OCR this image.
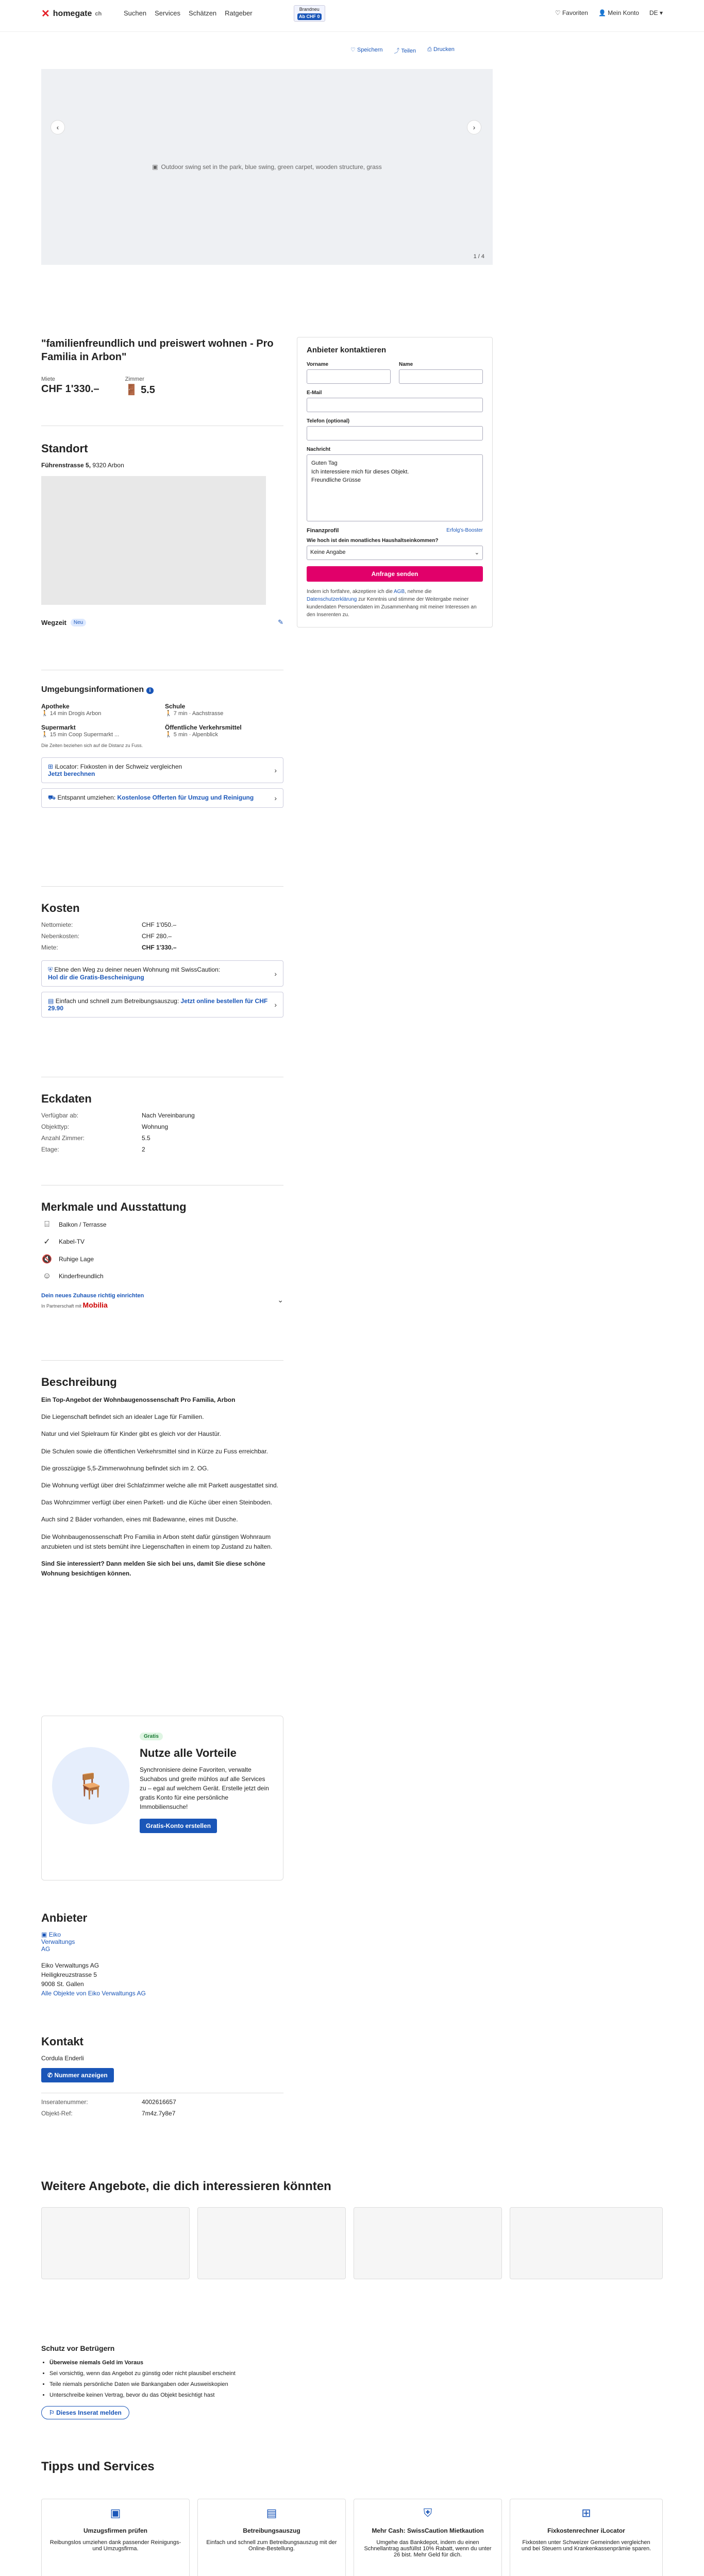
✕ homegate ch	Suchen Services Schätzen Ratgeber	Brandneu
Ab CHF 0	♡ Favoriten 👤 Mein Konto DE ▾
♡ Speichern ⤴ Teilen ⎙ Drucken
▣ Outdoor swing set in the park, blue swing, green carpet, wooden structure, grass
1 / 4
‹	›
"familienfreundlich und preiswert wohnen - Pro Familia in Arbon"
Miete
CHF 1'330.–
Zimmer
🚪 5.5
Standort
Führenstrasse 5, 9320 Arbon
Wegzeit	Neu	✎
Umgebungsinformationen i
Apotheke
🚶 14 min Drogis Arbon
Schule
🚶 7 min · Aachstrasse
Supermarkt
🚶 15 min Coop Supermarkt ...
Öffentliche Verkehrsmittel
🚶 5 min · Alpenblick
Die Zeiten beziehen sich auf die Distanz zu Fuss.
⊞ iLocator: Fixkosten in der Schweiz vergleichen
Jetzt berechnen	›
⛟ Entspannt umziehen: Kostenlose Offerten für Umzug und Reinigung	›
Kosten
Nettomiete:	CHF 1'050.–
Nebenkosten:	CHF 280.–
Miete:	CHF 1'330.–
⛨ Ebne den Weg zu deiner neuen Wohnung mit SwissCaution:
Hol dir die Gratis-Bescheinigung	›
▤ Einfach und schnell zum Betreibungsauszug: Jetzt online bestellen für CHF 29.90	›
Eckdaten
Verfügbar ab:	Nach Vereinbarung
Objekttyp:	Wohnung
Anzahl Zimmer:	5.5
Etage:	2
Merkmale und Ausstattung
⌸	Balkon / Terrasse
✓	Kabel-TV
🔇 Ruhige Lage
☺ Kinderfreundlich
Dein neues Zuhause richtig einrichten
In Partnerschaft mit Mobilia
⌄
Beschreibung

Ein Top-Angebot der Wohnbaugenossenschaft Pro Familia, Arbon

Die Liegenschaft befindet sich an idealer Lage für Familien.

Natur und viel Spielraum für Kinder gibt es gleich vor der Haustür.

Die Schulen sowie die öffentlichen Verkehrsmittel sind in Kürze zu Fuss erreichbar.

Die grosszügige 5,5-Zimmerwohnung befindet sich im 2. OG.

Die Wohnung verfügt über drei Schlafzimmer welche alle mit Parkett ausgestattet sind.

Das Wohnzimmer verfügt über einen Parkett- und die Küche über einen Steinboden.

Auch sind 2 Bäder vorhanden, eines mit Badewanne, eines mit Dusche.

Die Wohnbaugenossenschaft Pro Familia in Arbon steht dafür günstigen Wohnraum anzubieten und ist stets bemüht ihre Liegenschaften in einem top Zustand zu halten.

Sind Sie interessiert? Dann melden Sie sich bei uns, damit Sie diese schöne Wohnung besichtigen können.

🪑
Gratis
Nutze alle Vorteile

Synchronisiere deine Favoriten, verwalte Suchabos und greife mühlos auf alle Services zu – egal auf welchem Gerät. Erstelle jetzt dein gratis Konto für eine persönliche Immobiliensuche!

Gratis-Konto erstellen
Anbieter
▣ Eiko Verwaltungs AG
Eiko Verwaltungs AG
Heiligkreuzstrasse 5
9008 St. Gallen
Alle Objekte von Eiko Verwaltungs AG
Kontakt
Cordula Enderli
✆ Nummer anzeigen
Inseratenummer:	4002616657
Objekt-Ref:	7m4z.7y8e7
Anbieter kontaktieren
Vorname	Name
E-Mail
Telefon (optional)
Nachricht
Guten Tag
Ich interessiere mich für dieses Objekt.
Freundliche Grüsse
Finanzprofil	Erfolg's-Booster
Wie hoch ist dein monatliches Haushaltseinkommen?
Keine Angabe	⌄
Anfrage senden

Indem ich fortfahre, akzeptiere ich die AGB, nehme die Datenschutzerklärung zur Kenntnis und stimme der Weitergabe meiner kundendaten Personendaten im Zusammenhang mit meiner Interessen an den Inserenten zu.

Weitere Angebote, die dich interessieren könnten
Schutz vor Betrügern
• Überweise niemals Geld im Voraus
• Sei vorsichtig, wenn das Angebot zu günstig oder nicht plausibel erscheint
• Teile niemals persönliche Daten wie Bankangaben oder Ausweiskopien
• Unterschreibe keinen Vertrag, bevor du das Objekt besichtigt hast
⚐ Dieses Inserat melden
Tipps und Services
▣
Umzugsfirmen prüfen

Reibungslos umziehen dank passender Reinigungs- und Umzugsfirma.

▤
Betreibungsauszug

Einfach und schnell zum Betreibungsauszug mit der Online-Bestellung.

⛨
Mehr Cash: SwissCaution Mietkaution

Umgehe das Bankdepot, indem du einen Schnellantrag ausfüllst 10% Rabatt, wenn du unter 26 bist. Mehr Geld für dich.

⊞
Fixkostenrechner iLocator

Fixkosten unter Schweizer Gemeinden vergleichen und bei Steuern und Krankenkassenprämie sparen.
